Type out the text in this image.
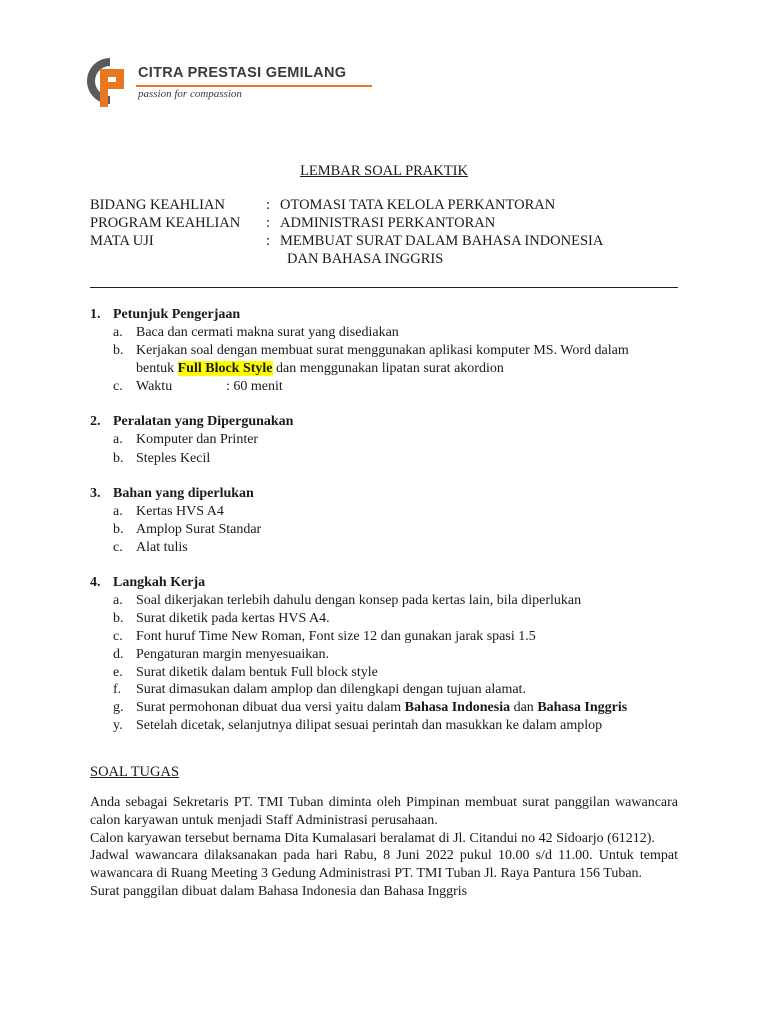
CITRA PRESTASI GEMILANG
passion for compassion
LEMBAR SOAL PRAKTIK
BIDANG KEAHLIAN	: OTOMASI TATA KELOLA PERKANTORAN
PROGRAM KEAHLIAN : ADMINISTRASI PERKANTORAN
MATA UJI	: MEMBUAT SURAT DALAM BAHASA INDONESIA
DAN BAHASA INGGRIS
1. Petunjuk Pengerjaan
a. Baca dan cermati makna surat yang disediakan
b. Kerjakan soal dengan membuat surat menggunakan aplikasi komputer MS. Word dalam
bentuk Full Block Style dan menggunakan lipatan surat akordion
c. Waktu	: 60 menit
2. Peralatan yang Dipergunakan
a. Komputer dan Printer
b. Steples Kecil
3. Bahan yang diperlukan
a. Kertas HVS A4
b. Amplop Surat Standar
c. Alat tulis
4. Langkah Kerja
a. Soal dikerjakan terlebih dahulu dengan konsep pada kertas lain, bila diperlukan
b. Surat diketik pada kertas HVS A4.
c. Font huruf Time New Roman, Font size 12 dan gunakan jarak spasi 1.5
d. Pengaturan margin menyesuaikan.
e. Surat diketik dalam bentuk Full block style
f. Surat dimasukan dalam amplop dan dilengkapi dengan tujuan alamat.
g. Surat permohonan dibuat dua versi yaitu dalam Bahasa Indonesia dan Bahasa Inggris
y. Setelah dicetak, selanjutnya dilipat sesuai perintah dan masukkan ke dalam amplop
SOAL TUGAS

Anda sebagai Sekretaris PT. TMI Tuban diminta oleh Pimpinan membuat surat panggilan wawancara calon karyawan untuk menjadi Staff Administrasi perusahaan.

Calon karyawan tersebut bernama Dita Kumalasari beralamat di Jl. Citandui no 42 Sidoarjo (61212).

Jadwal wawancara dilaksanakan pada hari Rabu, 8 Juni 2022 pukul 10.00 s/d 11.00. Untuk tempat wawancara di Ruang Meeting 3 Gedung Administrasi PT. TMI Tuban Jl. Raya Pantura 156 Tuban.

Surat panggilan dibuat dalam Bahasa Indonesia dan Bahasa Inggris
